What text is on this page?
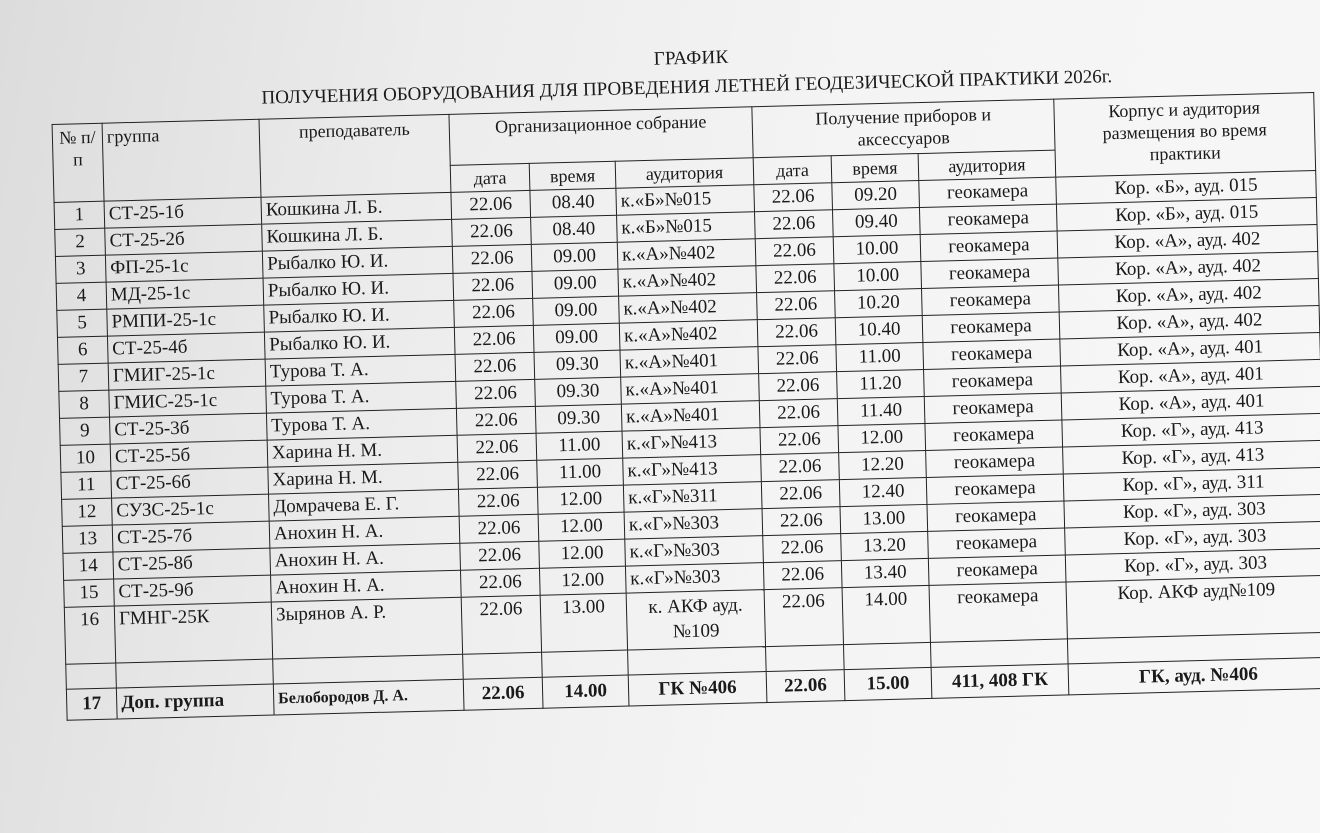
ГРАФИК
ПОЛУЧЕНИЯ ОБОРУДОВАНИЯ ДЛЯ ПРОВЕДЕНИЯ ЛЕТНЕЙ ГЕОДЕЗИЧЕСКОЙ ПРАКТИКИ 2026г.
№ п/п	группа	преподаватель	Организационное собрание			Получение приборов и аксессуаров			Корпус и аудитория размещения во время практики
			дата	время	аудитория	дата	время	аудитория	
1	СТ-25-1б	Кошкина Л. Б.	22.06	08.40	к.«Б»№015	22.06	09.20	геокамера	Кор. «Б», ауд. 015
2	СТ-25-2б	Кошкина Л. Б.	22.06	08.40	к.«Б»№015	22.06	09.40	геокамера	Кор. «Б», ауд. 015
3	ФП-25-1с	Рыбалко Ю. И.	22.06	09.00	к.«А»№402	22.06	10.00	геокамера	Кор. «А», ауд. 402
4	МД-25-1с	Рыбалко Ю. И.	22.06	09.00	к.«А»№402	22.06	10.00	геокамера	Кор. «А», ауд. 402
5	РМПИ-25-1с	Рыбалко Ю. И.	22.06	09.00	к.«А»№402	22.06	10.20	геокамера	Кор. «А», ауд. 402
6	СТ-25-4б	Рыбалко Ю. И.	22.06	09.00	к.«А»№402	22.06	10.40	геокамера	Кор. «А», ауд. 402
7	ГМИГ-25-1с	Турова Т. А.	22.06	09.30	к.«А»№401	22.06	11.00	геокамера	Кор. «А», ауд. 401
8	ГМИС-25-1с	Турова Т. А.	22.06	09.30	к.«А»№401	22.06	11.20	геокамера	Кор. «А», ауд. 401
9	СТ-25-3б	Турова Т. А.	22.06	09.30	к.«А»№401	22.06	11.40	геокамера	Кор. «А», ауд. 401
10	СТ-25-5б	Харина Н. М.	22.06	11.00	к.«Г»№413	22.06	12.00	геокамера	Кор. «Г», ауд. 413
11	СТ-25-6б	Харина Н. М.	22.06	11.00	к.«Г»№413	22.06	12.20	геокамера	Кор. «Г», ауд. 413
12	СУЗС-25-1с	Домрачева Е. Г.	22.06	12.00	к.«Г»№311	22.06	12.40	геокамера	Кор. «Г», ауд. 311
13	СТ-25-7б	Анохин Н. А.	22.06	12.00	к.«Г»№303	22.06	13.00	геокамера	Кор. «Г», ауд. 303
14	СТ-25-8б	Анохин Н. А.	22.06	12.00	к.«Г»№303	22.06	13.20	геокамера	Кор. «Г», ауд. 303
15	СТ-25-9б	Анохин Н. А.	22.06	12.00	к.«Г»№303	22.06	13.40	геокамера	Кор. «Г», ауд. 303
16	ГМНГ-25К	Зырянов А. Р.	22.06	13.00	к. АКФ ауд. №109	22.06	14.00	геокамера	Кор. АКФ ауд№109

17	Доп. группа	Белобородов Д. А.	22.06	14.00	ГК №406	22.06	15.00	411, 408 ГК	ГК, ауд. №406
